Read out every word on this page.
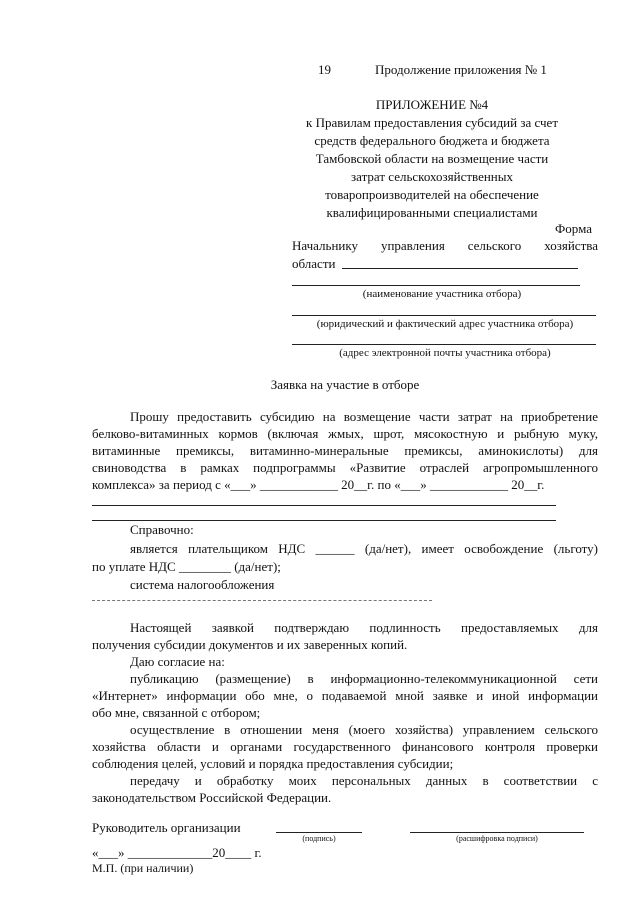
19	Продолжение приложения № 1
ПРИЛОЖЕНИЕ №4
к Правилам предоставления субсидий за счет
средств федерального бюджета и бюджета
Тамбовской области на возмещение части
затрат сельскохозяйственных
товаропроизводителей на обеспечение
квалифицированными специалистами
Форма
Начальнику управления сельского хозяйства
области
(наименование участника отбора)
(юридический и фактический адрес участника отбора)
(адрес электронной почты участника отбора)
Заявка на участие в отборе
Прошу предоставить субсидию на возмещение части затрат на приобретение
белково-витаминных кормов (включая жмых, шрот, мясокостную и рыбную муку,
витаминные премиксы, витаминно-минеральные премиксы, аминокислоты) для
свиноводства в рамках подпрограммы «Развитие отраслей агропромышленного
комплекса» за период с «___» ____________ 20__г. по «___» ____________ 20__г.
Справочно:
является плательщиком НДС ______ (да/нет), имеет освобождение (льготу)
по уплате НДС ________ (да/нет);
система налогообложения
Настоящей заявкой подтверждаю подлинность предоставляемых для
получения субсидии документов и их заверенных копий.
Даю согласие на:
публикацию (размещение) в информационно-телекоммуникационной сети
«Интернет» информации обо мне, о подаваемой мной заявке и иной информации
обо мне, связанной с отбором;
осуществление в отношении меня (моего хозяйства) управлением сельского
хозяйства области и органами государственного финансового контроля проверки
соблюдения целей, условий и порядка предоставления субсидии;
передачу и обработку моих персональных данных в соответствии с
законодательством Российской Федерации.
Руководитель организации
(подпись)	(расшифровка подписи)
«___» _____________20____ г.
М.П. (при наличии)
